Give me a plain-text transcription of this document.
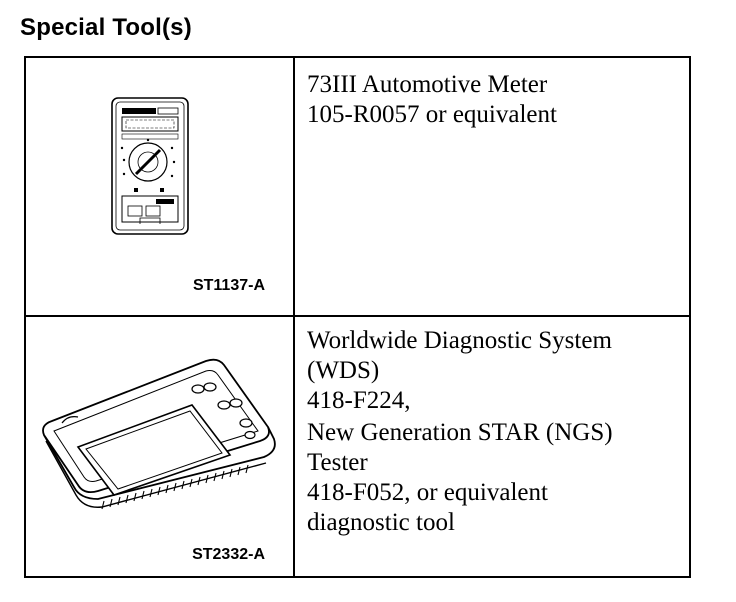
Special Tool(s)
ST1137-A

73III Automotive Meter
105-R0057 or equivalent

ST2332-A

Worldwide Diagnostic System
(WDS)
418-F224,

New Generation STAR (NGS)
Tester
418-F052, or equivalent
diagnostic tool
